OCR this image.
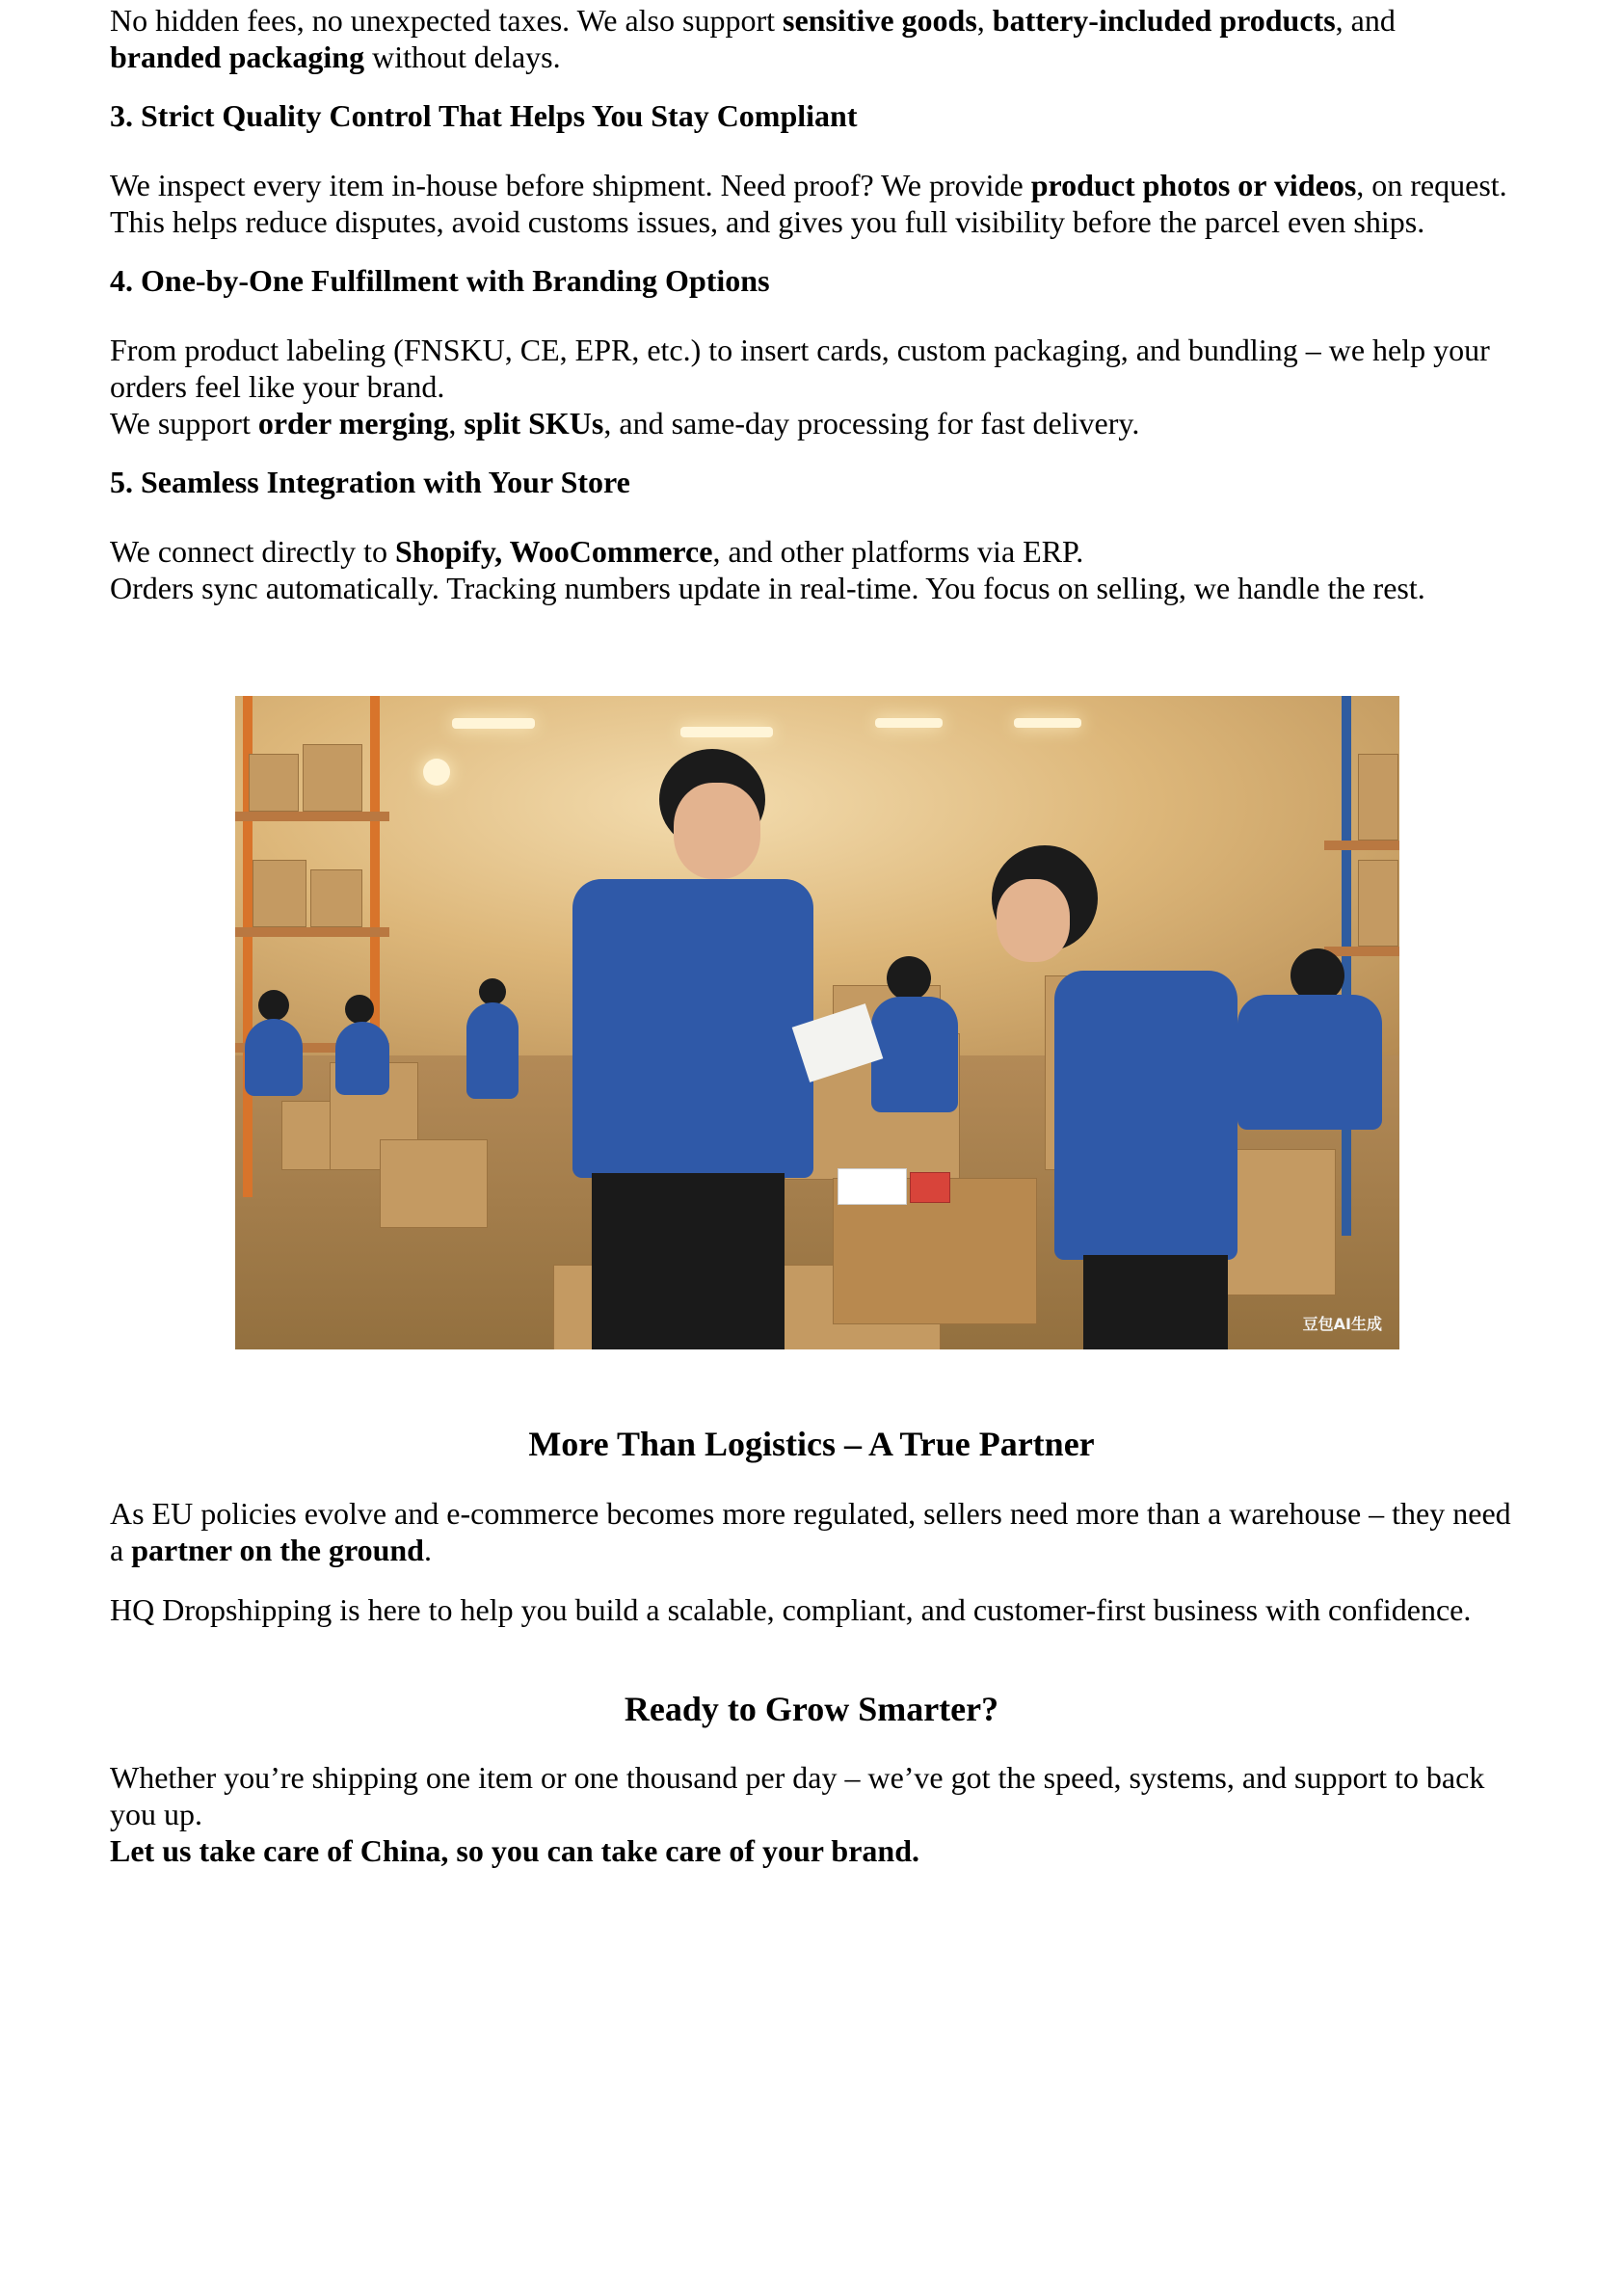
No hidden fees, no unexpected taxes. We also support sensitive goods, battery-included products, and

branded packaging without delays.

3. Strict Quality Control That Helps You Stay Compliant

We inspect every item in-house before shipment. Need proof? We provide product photos or videos, on request.

This helps reduce disputes, avoid customs issues, and gives you full visibility before the parcel even ships.

4. One-by-One Fulfillment with Branding Options

From product labeling (FNSKU, CE, EPR, etc.) to insert cards, custom packaging, and bundling – we help your

orders feel like your brand.

We support order merging, split SKUs, and same-day processing for fast delivery.

5. Seamless Integration with Your Store

We connect directly to Shopify, WooCommerce, and other platforms via ERP.

Orders sync automatically. Tracking numbers update in real-time. You focus on selling, we handle the rest.

豆包AI生成
More Than Logistics – A True Partner

As EU policies evolve and e-commerce becomes more regulated, sellers need more than a warehouse – they need

a partner on the ground.

HQ Dropshipping is here to help you build a scalable, compliant, and customer-first business with confidence.
Ready to Grow Smarter?

Whether you’re shipping one item or one thousand per day – we’ve got the speed, systems, and support to back

you up.

Let us take care of China, so you can take care of your brand.
